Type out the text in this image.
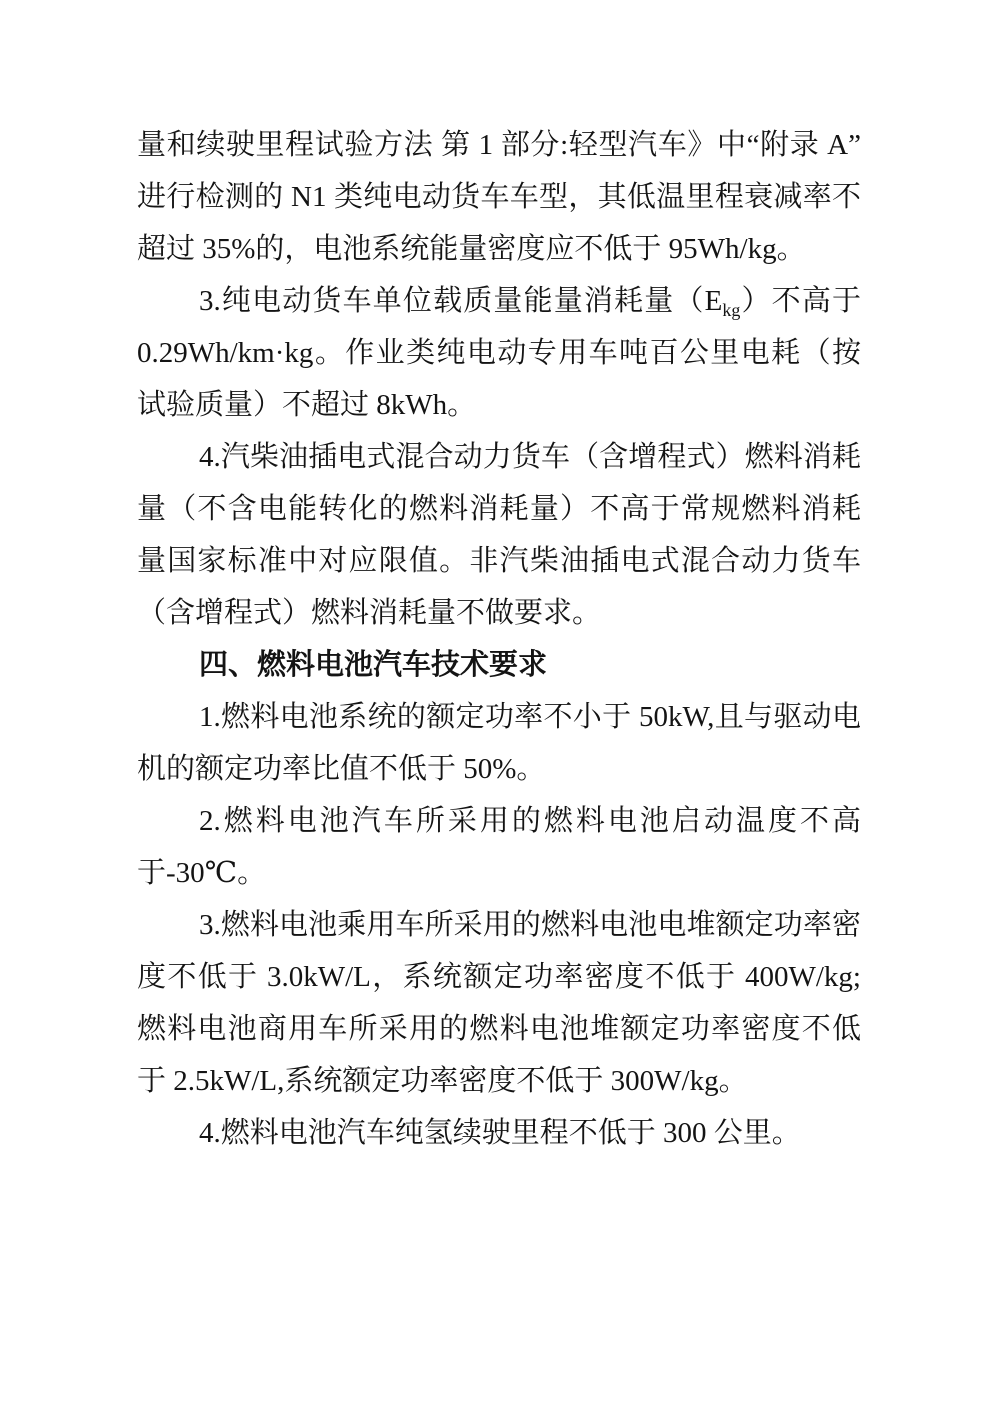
量和续驶里程试验方法 第 1 部分:轻型汽车》中“附录 A”进行检测的 N1 类纯电动货车车型，其低温里程衰减率不超过 35%的，电池系统能量密度应不低于 95Wh/kg。

3.纯电动货车单位载质量能量消耗量$(E_{kg})$不高于 0.29Wh/km·kg。作业类纯电动专用车吨百公里电耗（按试验质量）不超过 8kWh。

4.汽柴油插电式混合动力货车（含增程式）燃料消耗量（不含电能转化的燃料消耗量）不高于常规燃料消耗量国家标准中对应限值。非汽柴油插电式混合动力货车（含增程式）燃料消耗量不做要求。

四、燃料电池汽车技术要求

1.燃料电池系统的额定功率不小于 50kW,且与驱动电机的额定功率比值不低于 50%。

2.燃料电池汽车所采用的燃料电池启动温度不高于-30℃。

3.燃料电池乘用车所采用的燃料电池电堆额定功率密度不低于 3.0kW/L，系统额定功率密度不低于 400W/kg; 燃料电池商用车所采用的燃料电池堆额定功率密度不低于 2.5kW/L,系统额定功率密度不低于 300W/kg。

4.燃料电池汽车纯氢续驶里程不低于 300 公里。
